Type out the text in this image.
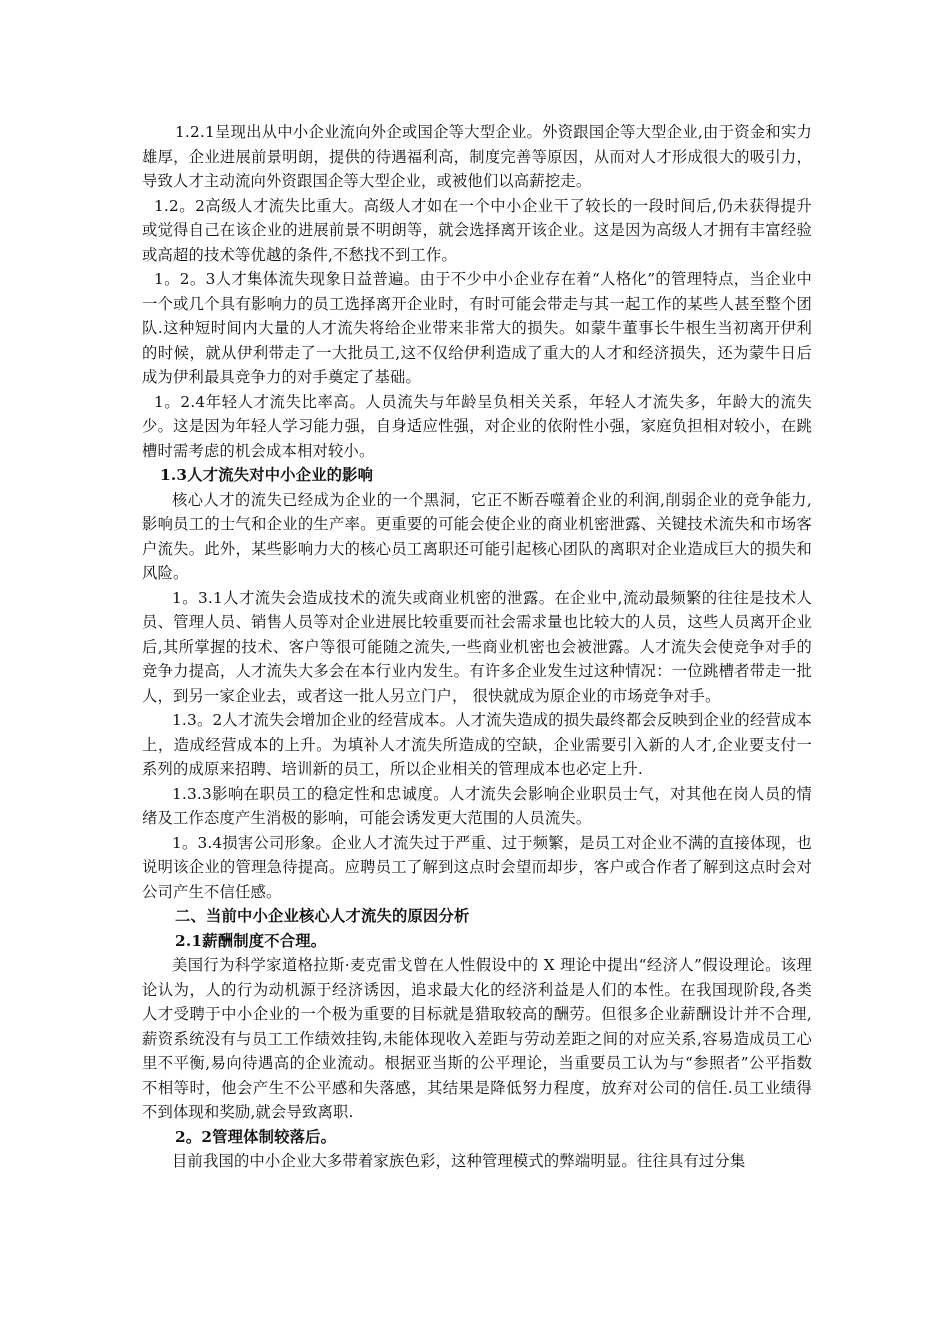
1.2.1呈现出从中小企业流向外企或国企等大型企业。外资跟国企等大型企业,由于资金和实力雄厚，企业进展前景明朗，提供的待遇福利高，制度完善等原因，从而对人才形成很大的吸引力，导致人才主动流向外资跟国企等大型企业，或被他们以高薪挖走。

1.2。2高级人才流失比重大。高级人才如在一个中小企业干了较长的一段时间后,仍未获得提升或觉得自己在该企业的进展前景不明朗等，就会选择离开该企业。这是因为高级人才拥有丰富经验或高超的技术等优越的条件,不愁找不到工作。

1。2。3人才集体流失现象日益普遍。由于不少中小企业存在着“人格化”的管理特点，当企业中一个或几个具有影响力的员工选择离开企业时，有时可能会带走与其一起工作的某些人甚至整个团队.这种短时间内大量的人才流失将给企业带来非常大的损失。如蒙牛董事长牛根生当初离开伊利的时候，就从伊利带走了一大批员工,这不仅给伊利造成了重大的人才和经济损失，还为蒙牛日后成为伊利最具竞争力的对手奠定了基础。

1。2.4年轻人才流失比率高。人员流失与年龄呈负相关关系，年轻人才流失多，年龄大的流失少。这是因为年轻人学习能力强，自身适应性强，对企业的依附性小强，家庭负担相对较小，在跳槽时需考虑的机会成本相对较小。

1.3人才流失对中小企业的影响

核心人才的流失已经成为企业的一个黑洞，它正不断吞噬着企业的利润,削弱企业的竞争能力,影响员工的士气和企业的生产率。更重要的可能会使企业的商业机密泄露、关键技术流失和市场客户流失。此外，某些影响力大的核心员工离职还可能引起核心团队的离职对企业造成巨大的损失和风险。

1。3.1人才流失会造成技术的流失或商业机密的泄露。在企业中,流动最频繁的往往是技术人员、管理人员、销售人员等对企业进展比较重要而社会需求量也比较大的人员，这些人员离开企业后,其所掌握的技术、客户等很可能随之流失,一些商业机密也会被泄露。人才流失会使竞争对手的竞争力提高，人才流失大多会在本行业内发生。有许多企业发生过这种情况：一位跳槽者带走一批人，到另一家企业去，或者这一批人另立门户， 很快就成为原企业的市场竞争对手。

1.3。2人才流失会增加企业的经营成本。人才流失造成的损失最终都会反映到企业的经营成本上，造成经营成本的上升。为填补人才流失所造成的空缺，企业需要引入新的人才,企业要支付一系列的成原来招聘、培训新的员工，所以企业相关的管理成本也必定上升.

1.3.3影响在职员工的稳定性和忠诚度。人才流失会影响企业职员士气，对其他在岗人员的情绪及工作态度产生消极的影响，可能会诱发更大范围的人员流失。

1。3.4损害公司形象。企业人才流失过于严重、过于频繁，是员工对企业不满的直接体现，也说明该企业的管理急待提高。应聘员工了解到这点时会望而却步，客户或合作者了解到这点时会对公司产生不信任感。

二、当前中小企业核心人才流失的原因分析

2.1薪酬制度不合理。

美国行为科学家道格拉斯·麦克雷戈曾在人性假设中的 X 理论中提出“经济人”假设理论。该理论认为，人的行为动机源于经济诱因，追求最大化的经济利益是人们的本性。在我国现阶段,各类人才受聘于中小企业的一个极为重要的目标就是猎取较高的酬劳。但很多企业薪酬设计并不合理,薪资系统没有与员工工作绩效挂钩,未能体现收入差距与劳动差距之间的对应关系,容易造成员工心里不平衡,易向待遇高的企业流动。根据亚当斯的公平理论，当重要员工认为与“参照者”公平指数不相等时，他会产生不公平感和失落感，其结果是降低努力程度，放弃对公司的信任.员工业绩得不到体现和奖励,就会导致离职.

2。2管理体制较落后。

目前我国的中小企业大多带着家族色彩，这种管理模式的弊端明显。往往具有过分集
